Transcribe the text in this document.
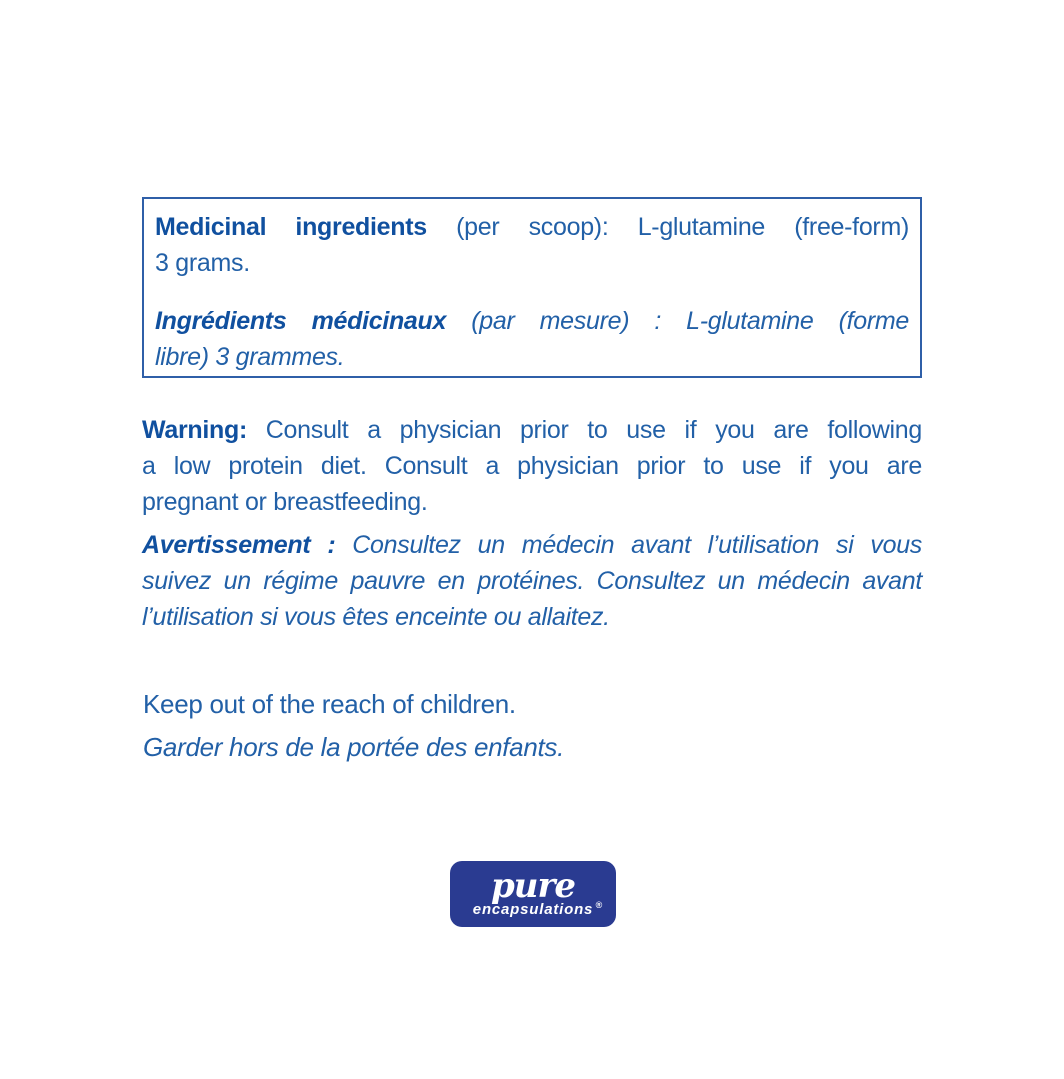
Medicinal ingredients (per scoop): L-glutamine (free-form)
3 grams.
Ingrédients médicinaux (par mesure) : L-glutamine (forme
libre) 3 grammes.
Warning: Consult a physician prior to use if you are following
a low protein diet. Consult a physician prior to use if you are
pregnant or breastfeeding.
Avertissement : Consultez un médecin avant l’utilisation si vous
suivez un régime pauvre en protéines. Consultez un médecin avant
l’utilisation si vous êtes enceinte ou allaitez.
Keep out of the reach of children.
Garder hors de la portée des enfants.
pure
encapsulations ®
